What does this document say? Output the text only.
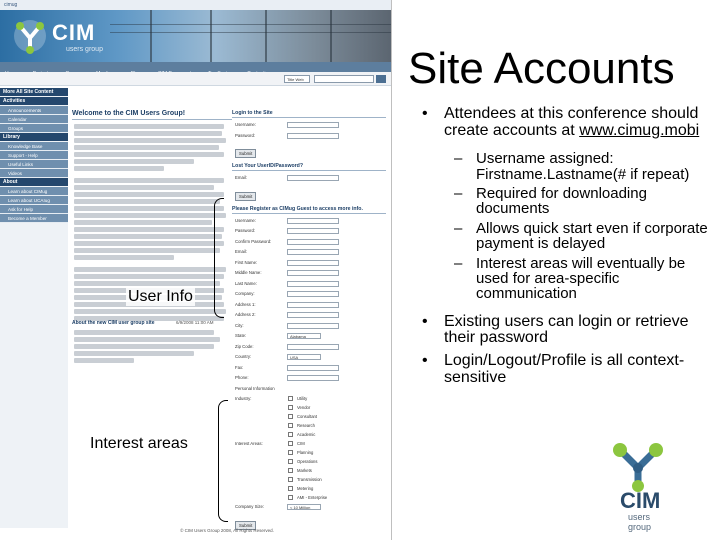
cimug
CIM
users group

Title Web
More All Site Content
Activities
Announcements
Calendar
Groups
Library
Knowledge Base
Support - Help
Useful Links
Videos
About
Learn about CIMug
Learn about UCAIug
Ask for Help
Become a Member
Welcome to the CIM Users Group!
About the new CIM user group site	6/9/2008 11:00 AM
Login to the Site
Username:
Password:
Submit
Lost Your UserID/Password?
Email:
Submit
Please Register as CIMug Guest to access more info.
Username:
Password:
Confirm Password:
Email:
First Name:
Middle Name:
Last Name:
Company:
Address 1:
Address 2:
City:
State:	Alabama
Zip Code:
Country:	USA
Fax:
Phone:
Personal Information
Industry:	Utility
Vendor
Consultant
Research
Academic
Interest Areas:	CIM
Planning
Operations
Markets
Transmission
Metering
AMI - Enterprise
Company Size:	< 10 Million
Submit
© CIM Users Group 2008, All Rights Reserved.
User Info
Interest areas
Site Accounts
• Attendees at this conference should create accounts at www.cimug.mobi
– Username assigned: Firstname.Lastname(# if repeat)
– Required for downloading documents
– Allows quick start even if corporate payment is delayed
– Interest areas will eventually be used for area-specific communication
• Existing users can login or retrieve their password
• Login/Logout/Profile is all context-sensitive
CIM
users group
